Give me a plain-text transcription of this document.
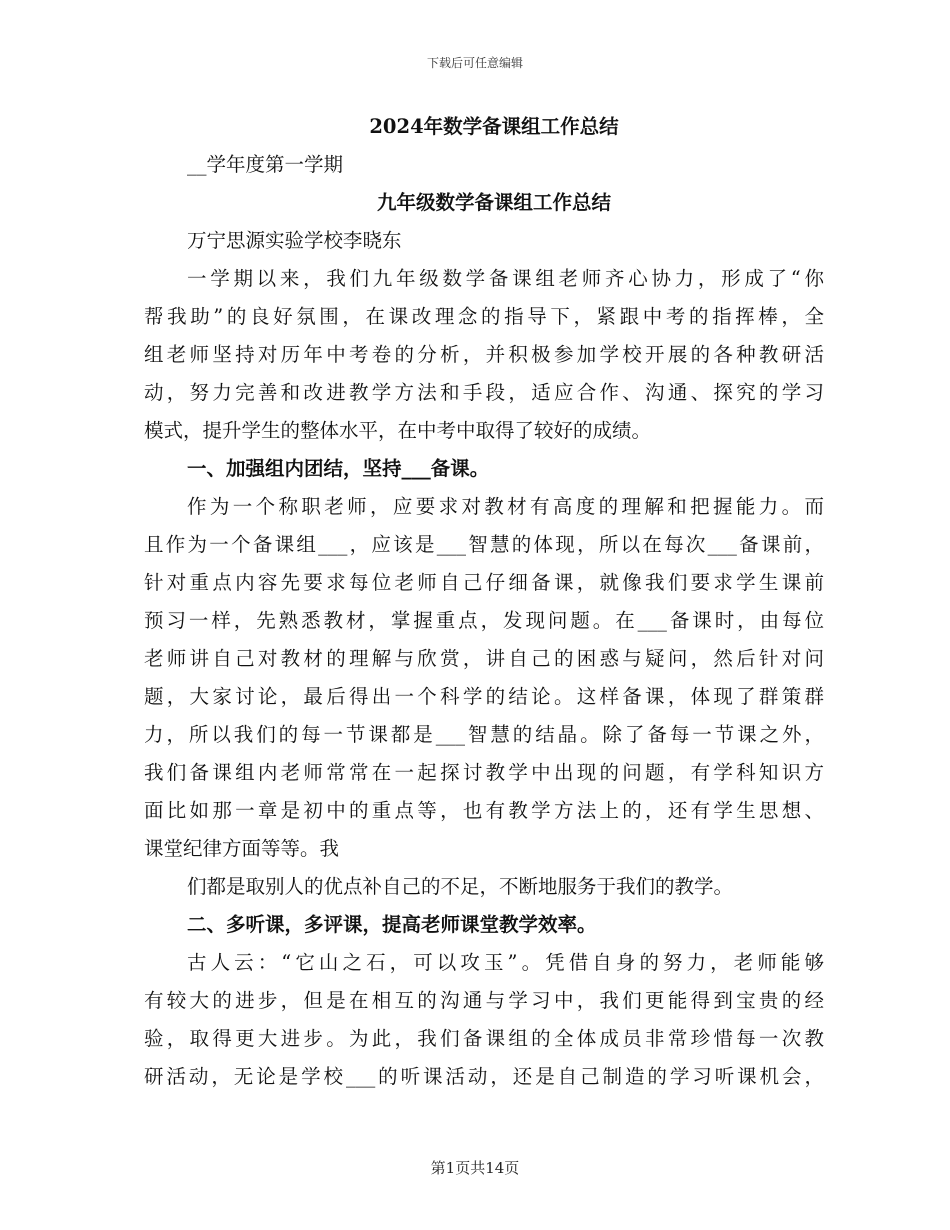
下载后可任意编辑
2024年数学备课组工作总结
__学年度第一学期
九年级数学备课组工作总结
万宁思源实验学校李晓东
一学期以来，我们九年级数学备课组老师齐心协力，形成了“你
帮我助”的良好氛围，在课改理念的指导下，紧跟中考的指挥棒，全
组老师坚持对历年中考卷的分析，并积极参加学校开展的各种教研活
动，努力完善和改进教学方法和手段，适应合作、沟通、探究的学习
模式，提升学生的整体水平，在中考中取得了较好的成绩。
一、加强组内团结，坚持___备课。
作为一个称职老师，应要求对教材有高度的理解和把握能力。而
且作为一个备课组___，应该是___智慧的体现，所以在每次___备课前，
针对重点内容先要求每位老师自己仔细备课，就像我们要求学生课前
预习一样，先熟悉教材，掌握重点，发现问题。在___备课时，由每位
老师讲自己对教材的理解与欣赏，讲自己的困惑与疑问，然后针对问
题，大家讨论，最后得出一个科学的结论。这样备课，体现了群策群
力，所以我们的每一节课都是___智慧的结晶。除了备每一节课之外，
我们备课组内老师常常在一起探讨教学中出现的问题，有学科知识方
面比如那一章是初中的重点等，也有教学方法上的，还有学生思想、
课堂纪律方面等等。我
们都是取别人的优点补自己的不足，不断地服务于我们的教学。
二、多听课，多评课，提高老师课堂教学效率。
古人云：“它山之石，可以攻玉”。凭借自身的努力，老师能够
有较大的进步，但是在相互的沟通与学习中，我们更能得到宝贵的经
验，取得更大进步。为此，我们备课组的全体成员非常珍惜每一次教
研活动，无论是学校___的听课活动，还是自己制造的学习听课机会，
第1页共14页
